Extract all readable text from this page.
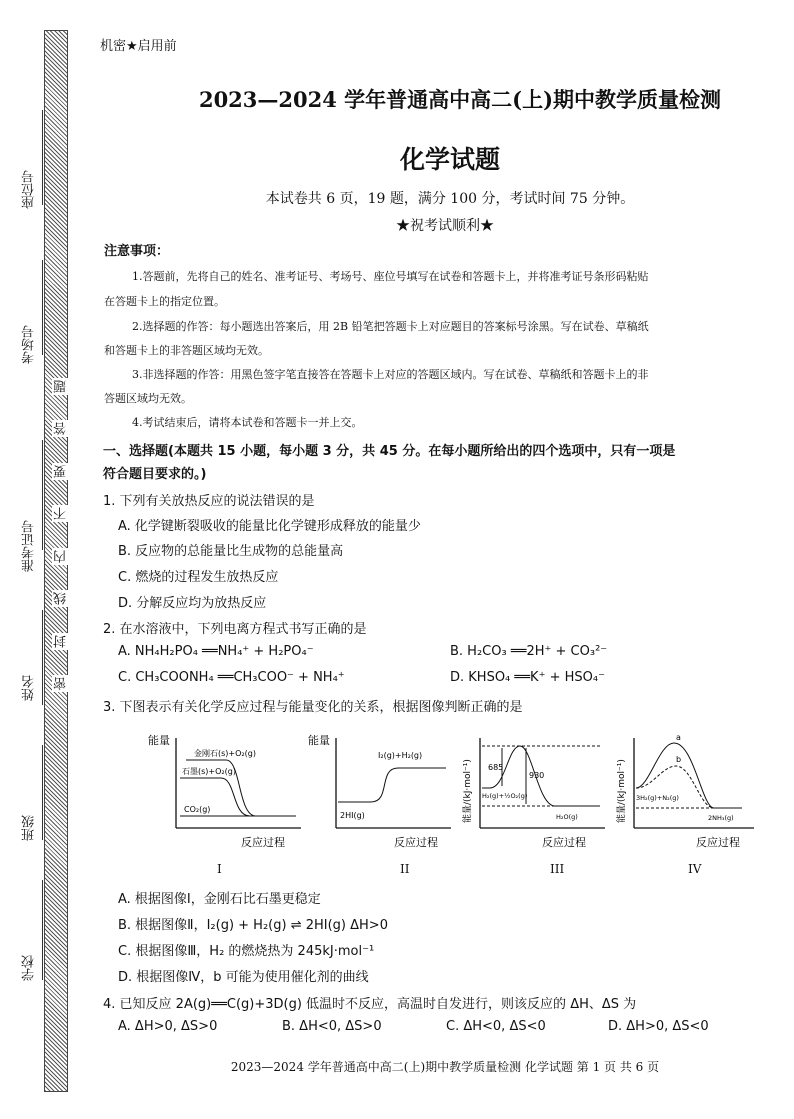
座位号
考场号
准考证号
姓名
班级
学校
题
答
要
不
内
线
封
密
机密★启用前
2023—2024 学年普通高中高二(上)期中教学质量检测
化学试题
本试卷共 6 页，19 题，满分 100 分，考试时间 75 分钟。
★祝考试顺利★
注意事项：
1.答题前，先将自己的姓名、准考证号、考场号、座位号填写在试卷和答题卡上，并将准考证号条形码粘贴
在答题卡上的指定位置。
2.选择题的作答：每小题选出答案后，用 2B 铅笔把答题卡上对应题目的答案标号涂黑。写在试卷、草稿纸
和答题卡上的非答题区域均无效。
3.非选择题的作答：用黑色签字笔直接答在答题卡上对应的答题区域内。写在试卷、草稿纸和答题卡上的非
答题区域均无效。
4.考试结束后，请将本试卷和答题卡一并上交。
一、选择题(本题共 15 小题，每小题 3 分，共 45 分。在每小题所给出的四个选项中，只有一项是
符合题目要求的。)
1. 下列有关放热反应的说法错误的是
A. 化学键断裂吸收的能量比化学键形成释放的能量少
B. 反应物的总能量比生成物的总能量高
C. 燃烧的过程发生放热反应
D. 分解反应均为放热反应
2. 在水溶液中，下列电离方程式书写正确的是
A. NH₄H₂PO₄ ══NH₄⁺ + H₂PO₄⁻	B. H₂CO₃ ══2H⁺ + CO₃²⁻
C. CH₃COONH₄ ══CH₃COO⁻ + NH₄⁺	D. KHSO₄ ══K⁺ + HSO₄⁻
3. 下图表示有关化学反应过程与能量变化的关系，根据图像判断正确的是
能量
金刚石(s)+O₂(g)
石墨(s)+O₂(g)
CO₂(g)
反应过程
I
能量
I₂(g)+H₂(g)
2HI(g)
反应过程
II
能量/(kJ·mol⁻¹) 685
930
H₂(g)+½O₂(g)
H₂O(g)
反应过程
III
能量/(kJ·mol⁻¹)
a
b
3H₂(g)+N₂(g)
2NH₃(g)
反应过程
IV
A. 根据图像Ⅰ，金刚石比石墨更稳定
B. 根据图像Ⅱ，I₂(g) + H₂(g) ⇌ 2HI(g) ΔH>0
C. 根据图像Ⅲ，H₂ 的燃烧热为 245kJ·mol⁻¹
D. 根据图像Ⅳ，b 可能为使用催化剂的曲线
4. 已知反应 2A(g)══C(g)+3D(g) 低温时不反应，高温时自发进行，则该反应的 ΔH、ΔS 为
A. ΔH>0, ΔS>0	B. ΔH<0, ΔS>0	C. ΔH<0, ΔS<0	D. ΔH>0, ΔS<0
2023—2024 学年普通高中高二(上)期中教学质量检测 化学试题 第 1 页 共 6 页
